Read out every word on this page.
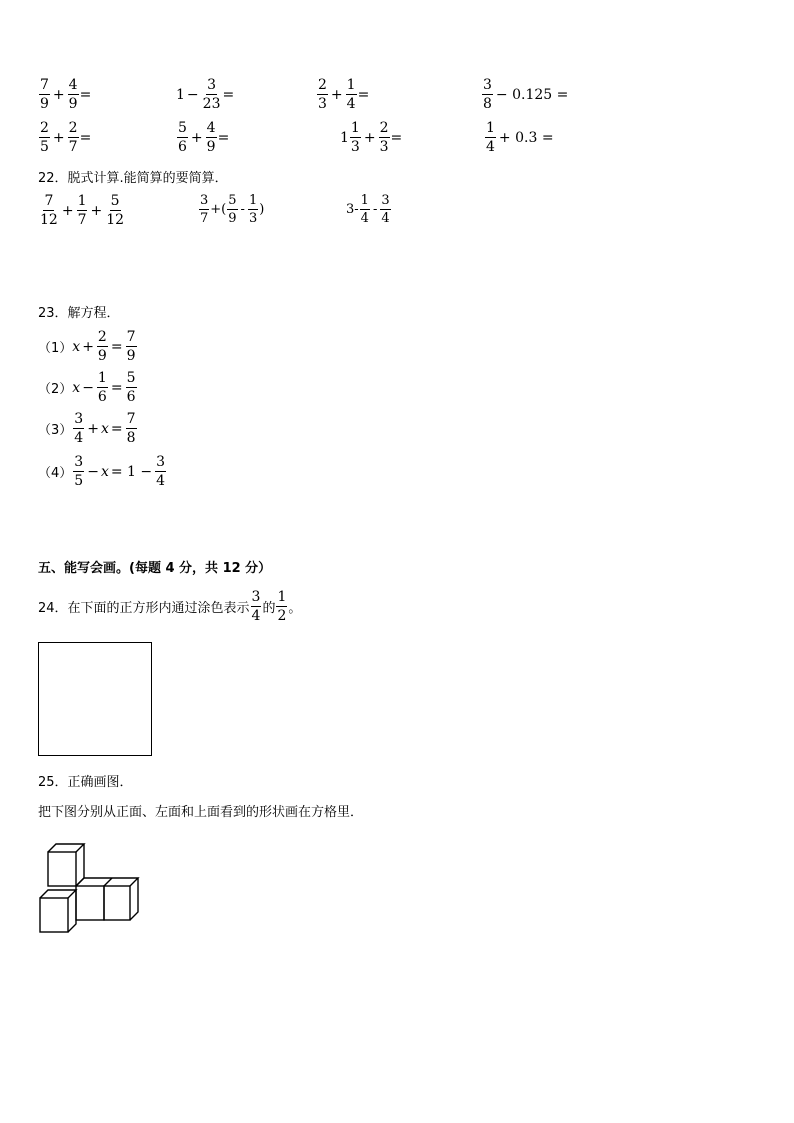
$\frac{7}{9} + \frac{4}{9}$ =	$1 - \frac{3}{23}$ =	$\frac{2}{3} + \frac{1}{4}$ =	$\frac{3}{8} - 0.125$ =
$\frac{2}{5} + \frac{2}{7}$ =	$\frac{5}{6} + \frac{4}{9}$ =	$1 \frac{1}{3} + \frac{2}{3}$ =	$\frac{1}{4} + 0.3$ =
22．脱式计算.能简算的要简算．
$\frac{7}{12} + \frac{1}{7} + \frac{5}{12}$	$\frac{3}{7}$ +( $\frac{5}{9} - \frac{1}{3}$ )	$3- \frac{1}{4} - \frac{3}{4}$
23．解方程．
（1） $x + \frac{2}{9} = \frac{7}{9}$
（2） $x - \frac{1}{6} = \frac{5}{6}$
$(3) \frac{3}{4} + x = \frac{7}{8}$
$(4) \frac{3}{5} - x = 1 - \frac{3}{4}$
五、能写会画。(每题 4 分，共 12 分）
24．在下面的正方形内通过涂色表示 $\frac{3}{4}$ 的 $\frac{1}{2}$ 。
25．正确画图．
把下图分别从正面、左面和上面看到的形状画在方格里．
